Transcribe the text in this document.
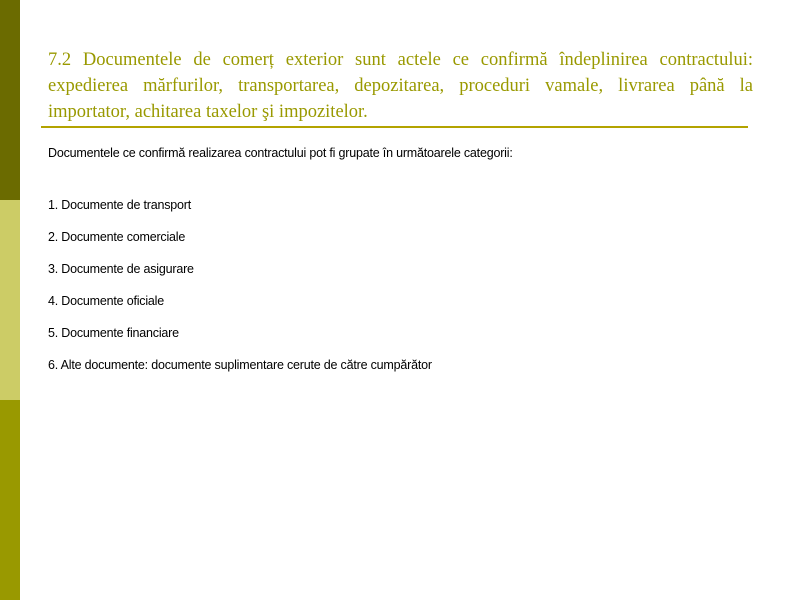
7.2 Documentele de comerț exterior sunt actele ce confirmă îndeplinirea contractului: expedierea mărfurilor, transportarea, depozitarea, proceduri vamale, livrarea până la importator, achitarea taxelor şi impozitelor.

Documentele ce confirmă realizarea contractului pot fi grupate în următoarele categorii:

1. Documente de transport
2. Documente comerciale
3. Documente de asigurare
4. Documente oficiale
5. Documente financiare
6. Alte documente: documente suplimentare cerute de către cumpărător
